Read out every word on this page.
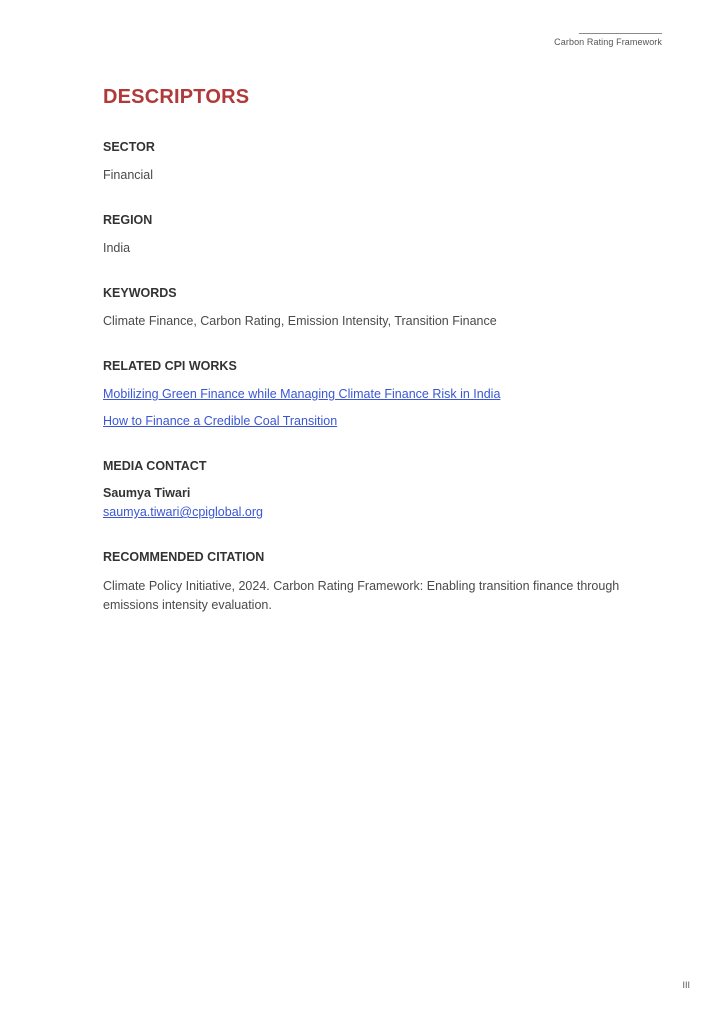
Carbon Rating Framework
DESCRIPTORS
SECTOR
Financial
REGION
India
KEYWORDS
Climate Finance, Carbon Rating, Emission Intensity, Transition Finance
RELATED CPI WORKS
Mobilizing Green Finance while Managing Climate Finance Risk in India
How to Finance a Credible Coal Transition
MEDIA CONTACT
Saumya Tiwari
saumya.tiwari@cpiglobal.org
RECOMMENDED CITATION

Climate Policy Initiative, 2024. Carbon Rating Framework: Enabling transition finance through emissions intensity evaluation.

III
